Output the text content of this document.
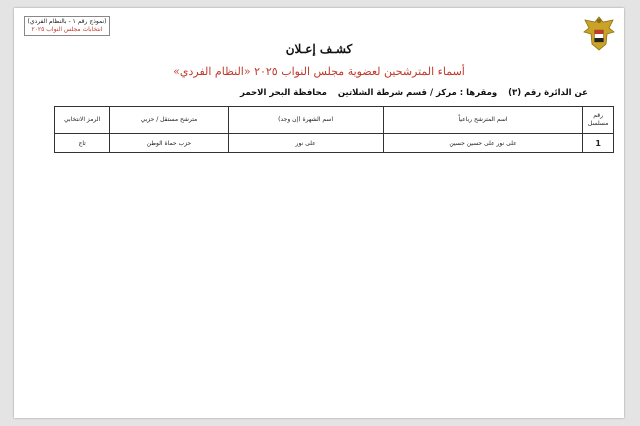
(نموذج رقم ١ - بالنظام الفردي)
انتخابات مجلس النواب ٢٠٢٥
كشـف إعـلان
أسماء المترشحين لعضوية مجلس النواب ٢٠٢٥ «النظام الفردي»
عن الدائرة رقم (٣) ومقرها : مركز / قسم شرطة الشلاتين محافظة البحر الاحمر
رقم مسلسل	اسم المترشح رباعياً	اسم الشهرة (إن وجد)	مترشح مستقل / حزبي	الرمز الانتخابي
1	على نور على حسين حسين	على نور	حزب حماة الوطن	تاج
